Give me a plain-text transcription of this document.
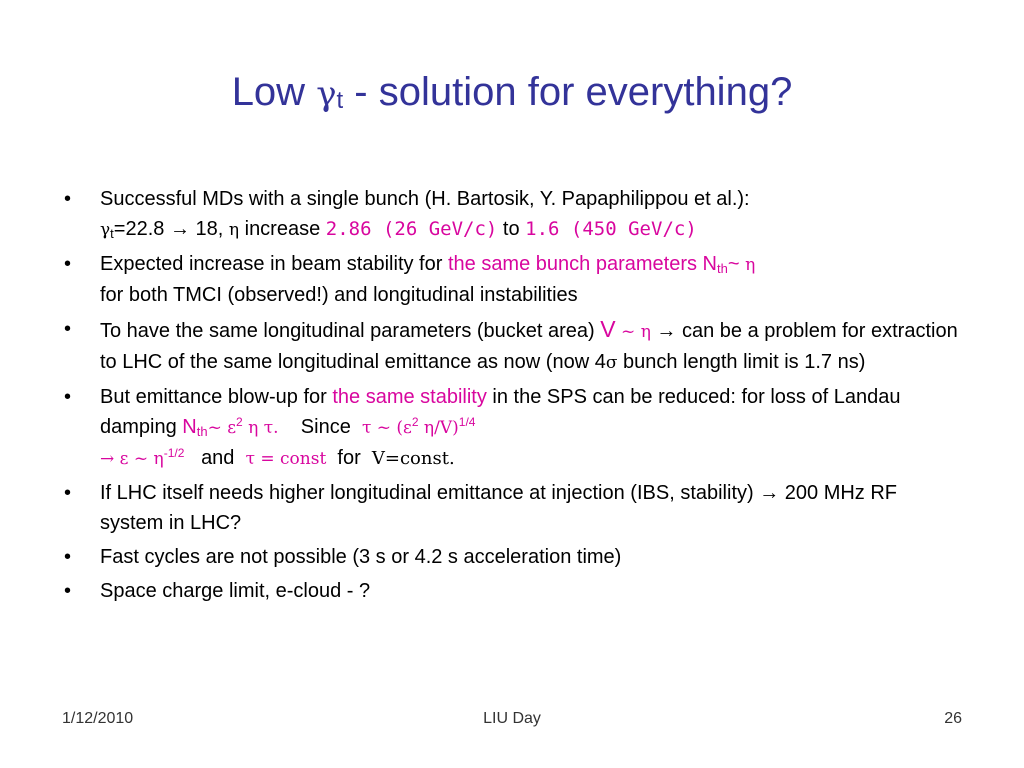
Low $\gamma_t$ - solution for everything?
• Successful MDs with a single bunch (H. Bartosik, Y. Papaphilippou et al.):
$\gamma_t=22.8 \to 18$, η increase 2.86 (26 GeV/c) to 1.6 (450 GeV/c)
• Expected increase in beam stability for the same bunch parameters $N_{th}\sim$ η
for both TMCI (observed!) and longitudinal instabilities
• To have the same longitudinal parameters (bucket area) V ~ η → can be a problem for extraction to LHC of the same longitudinal emittance as now (now 4σ bunch length limit is 1.7 ns)
• But emittance blow-up for the same stability in the SPS can be reduced: for loss of Landau damping $N_{th}\sim$ $\varepsilon^2$ η τ. Since τ ~ ($\varepsilon^2$ η/V)$^{1/4}$
→ ε ~ $\eta^{-1/2}$ and τ = const for V=const.
• If LHC itself needs higher longitudinal emittance at injection (IBS, stability) → 200 MHz RF system in LHC?
• Fast cycles are not possible (3 s or 4.2 s acceleration time)
• Space charge limit, e-cloud - ?
1/12/2010	LIU Day	26
